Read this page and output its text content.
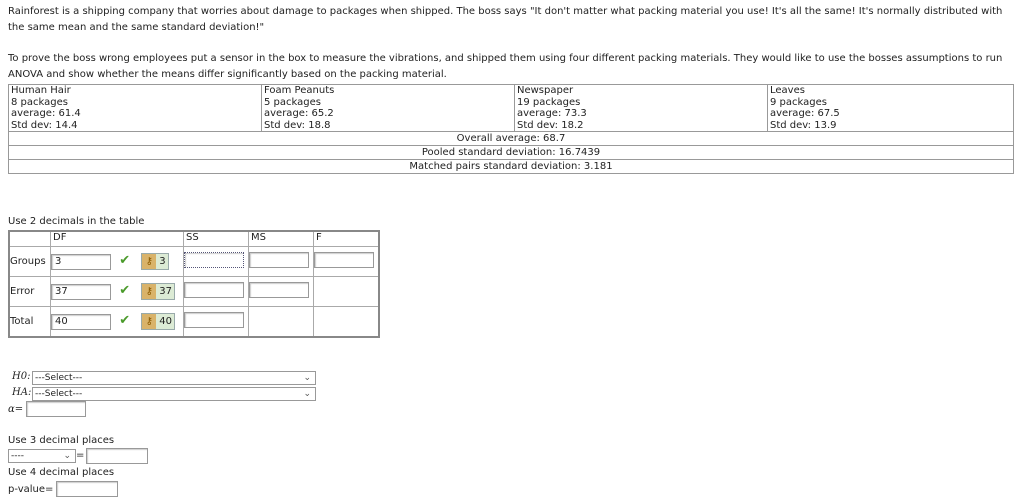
Rainforest is a shipping company that worries about damage to packages when shipped. The boss says "It don't matter what packing material you use! It's all the same! It's normally distributed with the same mean and the same standard deviation!"

To prove the boss wrong employees put a sensor in the box to measure the vibrations, and shipped them using four different packing materials. They would like to use the bosses assumptions to run ANOVA and show whether the means differ significantly based on the packing material.

Human Hair
8 packages
average: 61.4
Std dev: 14.4

Foam Peanuts
5 packages
average: 65.2
Std dev: 18.8

Newspaper
19 packages
average: 73.3
Std dev: 18.2

Leaves
9 packages
average: 67.5
Std dev: 13.9

Overall average: 68.7
Pooled standard deviation: 16.7439
Matched pairs standard deviation: 3.181
Use 2 decimals in the table
	DF	SS	MS	F
Groups	3 ✔ ⚷ 3			
Error	37 ✔ ⚷ 37			
Total	40 ✔ ⚷ 40			
H0: ---Select---	⌄
HA: ---Select---	⌄
α=
Use 3 decimal places
----	⌄ =
Use 4 decimal places
p-value=
